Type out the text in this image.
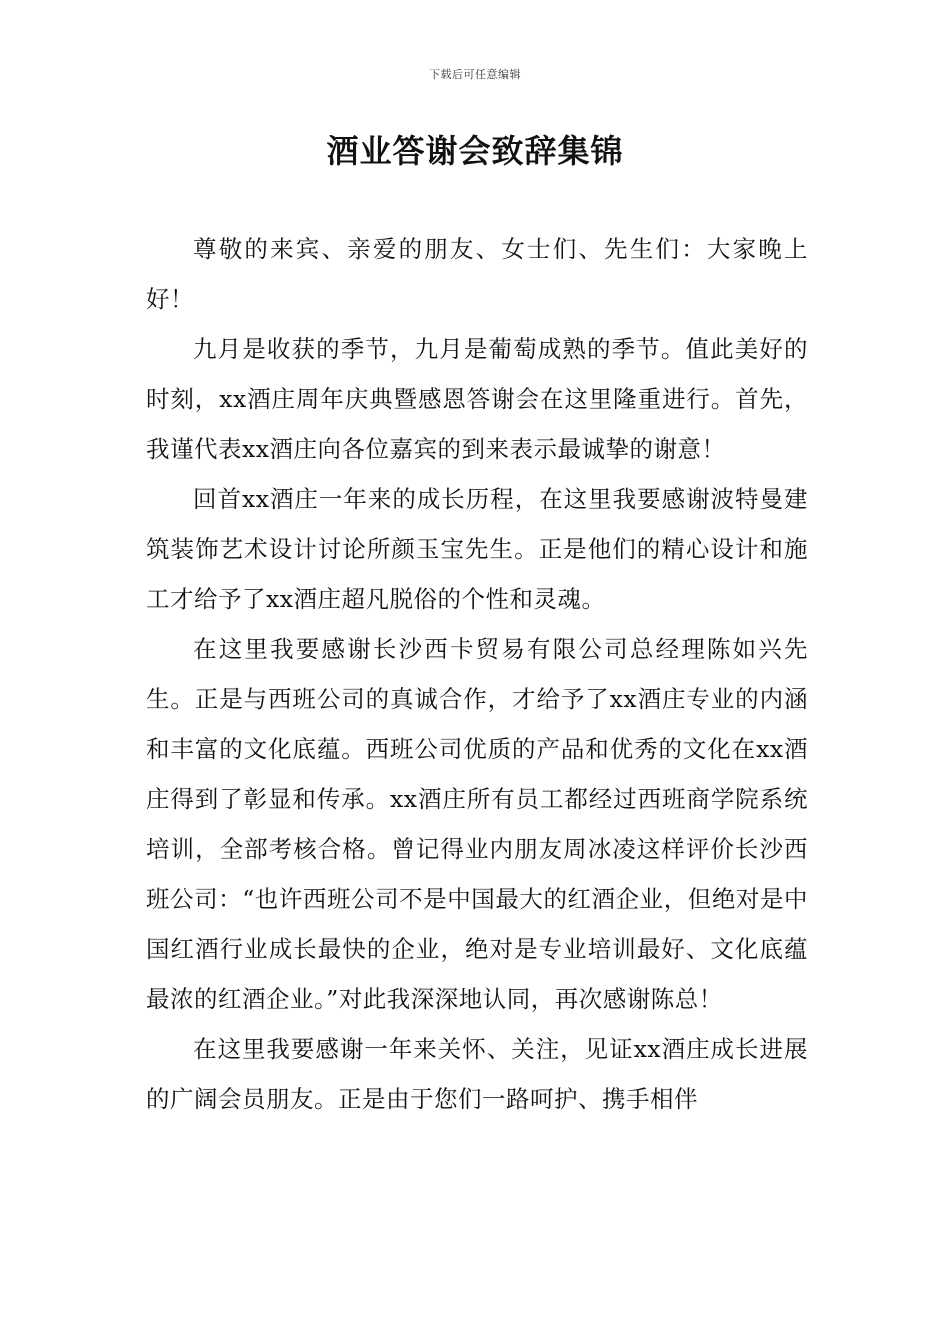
下载后可任意编辑
酒业答谢会致辞集锦

尊敬的来宾、亲爱的朋友、女士们、先生们：大家晚上好！

九月是收获的季节，九月是葡萄成熟的季节。值此美好的时刻，xx酒庄周年庆典暨感恩答谢会在这里隆重进行。首先，我谨代表xx酒庄向各位嘉宾的到来表示最诚挚的谢意！

回首xx酒庄一年来的成长历程，在这里我要感谢波特曼建筑装饰艺术设计讨论所颜玉宝先生。正是他们的精心设计和施工才给予了xx酒庄超凡脱俗的个性和灵魂。

在这里我要感谢长沙西卡贸易有限公司总经理陈如兴先生。正是与西班公司的真诚合作，才给予了xx酒庄专业的内涵和丰富的文化底蕴。西班公司优质的产品和优秀的文化在xx酒庄得到了彰显和传承。xx酒庄所有员工都经过西班商学院系统培训，全部考核合格。曾记得业内朋友周冰凌这样评价长沙西班公司：“也许西班公司不是中国最大的红酒企业，但绝对是中国红酒行业成长最快的企业，绝对是专业培训最好、文化底蕴最浓的红酒企业。”对此我深深地认同，再次感谢陈总！

在这里我要感谢一年来关怀、关注，见证xx酒庄成长进展的广阔会员朋友。正是由于您们一路呵护、携手相伴
